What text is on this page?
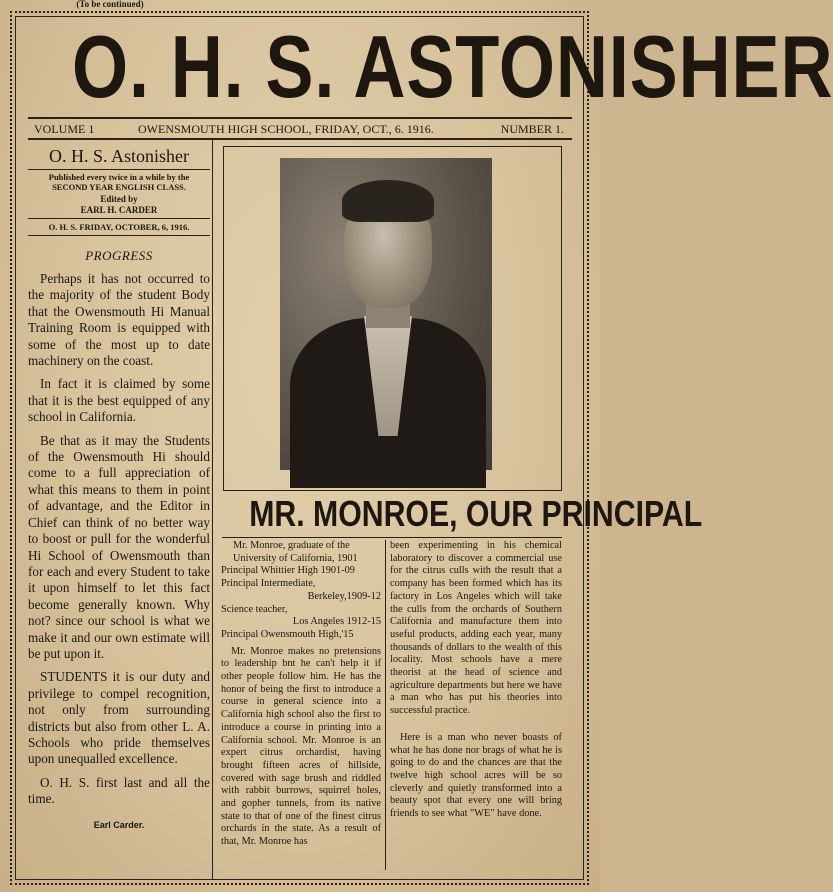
(To be continued)
O. H. S. ASTONISHER
VOLUME 1	OWENSMOUTH HIGH SCHOOL, FRIDAY, OCT., 6. 1916.	NUMBER 1.
O. H. S. Astonisher
Published every twice in a while by the
SECOND YEAR ENGLISH CLASS.
Edited by
EARL H. CARDER
O. H. S. FRIDAY, OCTOBER, 6, 1916.
PROGRESS

Perhaps it has not occurred to the majority of the student Body that the Owensmouth Hi Manual Training Room is equipped with some of the most up to date machinery on the coast.

In fact it is claimed by some that it is the best equipped of any school in California.

Be that as it may the Students of the Owensmouth Hi should come to a full appreciation of what this means to them in point of advantage, and the Editor in Chief can think of no better way to boost or pull for the wonderful Hi School of Owensmouth than for each and every Student to take it upon himself to let this fact become generally known. Why not? since our school is what we make it and our own estimate will be put upon it.

STUDENTS it is our duty and privilege to compel recognition, not only from surrounding districts but also from other L. A. Schools who pride themselves upon unequalled excellence.

O. H. S. first last and all the time.

Earl Carder.
MR. MONROE, OUR PRINCIPAL
Mr. Monroe, graduate of the
University of California, 1901
Principal Whittier High 1901-09
Principal Intermediate,
Berkeley,1909-12
Science teacher,
Los Angeles 1912-15
Principal Owensmouth High,'15

Mr. Monroe makes no pretensions to leadership bnt he can't help it if other people follow him. He has the honor of being the first to introduce a course in general science into a California high school also the first to introduce a course in printing into a California school. Mr. Monroe is an expert citrus orchardist, having brought fifteen acres of hillside, covered with sage brush and riddled with rabbit burrows, squirrel holes, and gopher tunnels, from its native state to that of one of the finest citrus orchards in the state. As a result of that, Mr. Monroe has

been experimenting in his chemical laboratory to discover a commercial use for the citrus culls with the result that a company has been formed which has its factory in Los Angeles which will take the culls from the orchards of Southern California and manufacture them into useful products, adding each year, many thousands of dollars to the wealth of this locality. Most schools have a mere theorist at the head of science and agriculture departments but here we have a man who has put his theories into successful practice.

Here is a man who never boasts of what he has done nor brags of what he is going to do and the chances are that the twelve high school acres will be so cleverly and quietly transformed into a beauty spot that every one will bring friends to see what "WE" have done.
